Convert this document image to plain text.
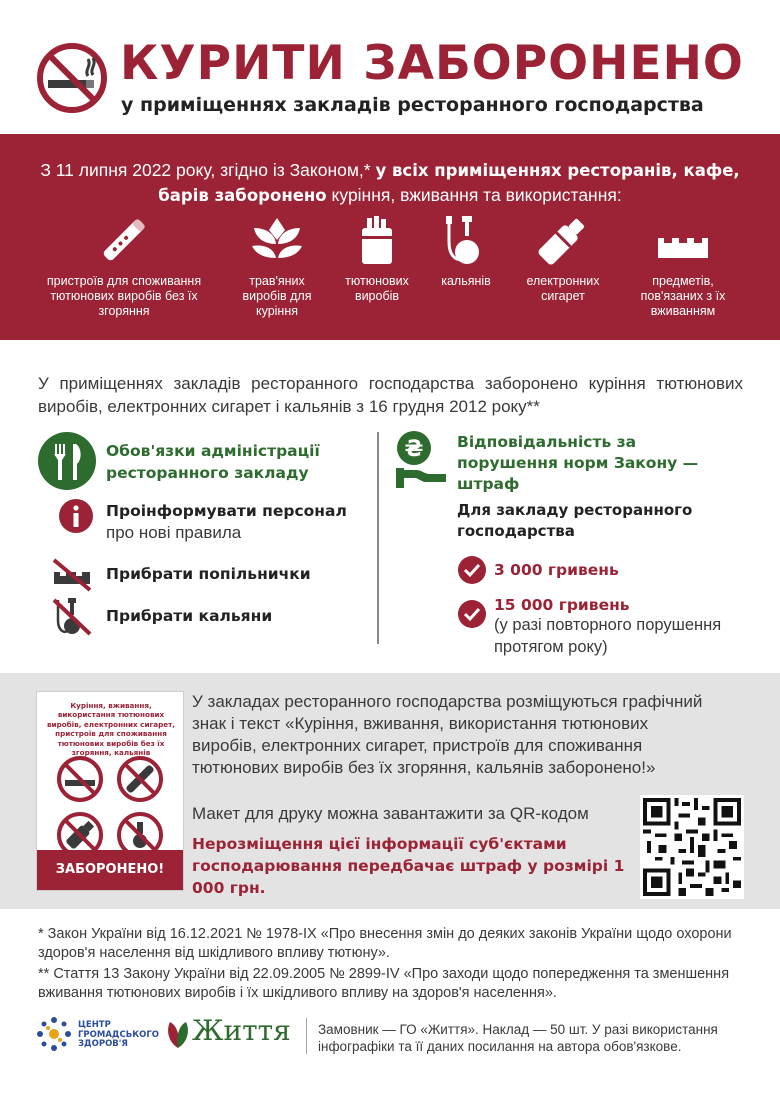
КУРИТИ ЗАБОРОНЕНО
у приміщеннях закладів ресторанного господарства
З 11 липня 2022 року, згідно із Законом,* у всіх приміщеннях ресторанів, кафе, барів заборонено куріння, вживання та використання:
пристроїв для споживання тютюнових виробів без їх згоряння
трав'яних виробів для куріння
тютюнових виробів
кальянів	електронних сигарет
предметів, пов'язаних з їх вживанням
У приміщеннях закладів ресторанного господарства заборонено куріння тютюнових виробів, електронних сигарет і кальянів з 16 грудня 2012 року**
Обов'язки адміністрації ресторанного закладу
Проінформувати персонал про нові правила
Прибрати попільнички
Прибрати кальяни
₴ Відповідальність за порушення норм Закону — штраф
Для закладу ресторанного господарства
3 000 гривень
15 000 гривень
(у разі повторного порушення протягом року)
Куріння, вживання, використання тютюнових виробів, електронних сигарет, пристроїв для споживання тютюнових виробів без їх згоряння, кальянів
ЗАБОРОНЕНО!
У закладах ресторанного господарства розміщуються графічний знак і текст «Куріння, вживання, використання тютюнових виробів, електронних сигарет, пристроїв для споживання тютюнових виробів без їх згоряння, кальянів заборонено!»
Макет для друку можна завантажити за QR-кодом
Нерозміщення цієї інформації суб'єктами господарювання передбачає штраф у розмірі 1 000 грн.
* Закон України від 16.12.2021 № 1978-IX «Про внесення змін до деяких законів України щодо охорони здоров'я населення від шкідливого впливу тютюну».
** Стаття 13 Закону України від 22.09.2005 № 2899-IV «Про заходи щодо попередження та зменшення вживання тютюнових виробів і їх шкідливого впливу на здоров'я населення».
ЦЕНТР
ГРОМАДСЬКОГО
ЗДОРОВ'Я	Життя Замовник — ГО «Життя». Наклад — 50 шт. У разі використання інфографіки та її даних посилання на автора обов'язкове.
